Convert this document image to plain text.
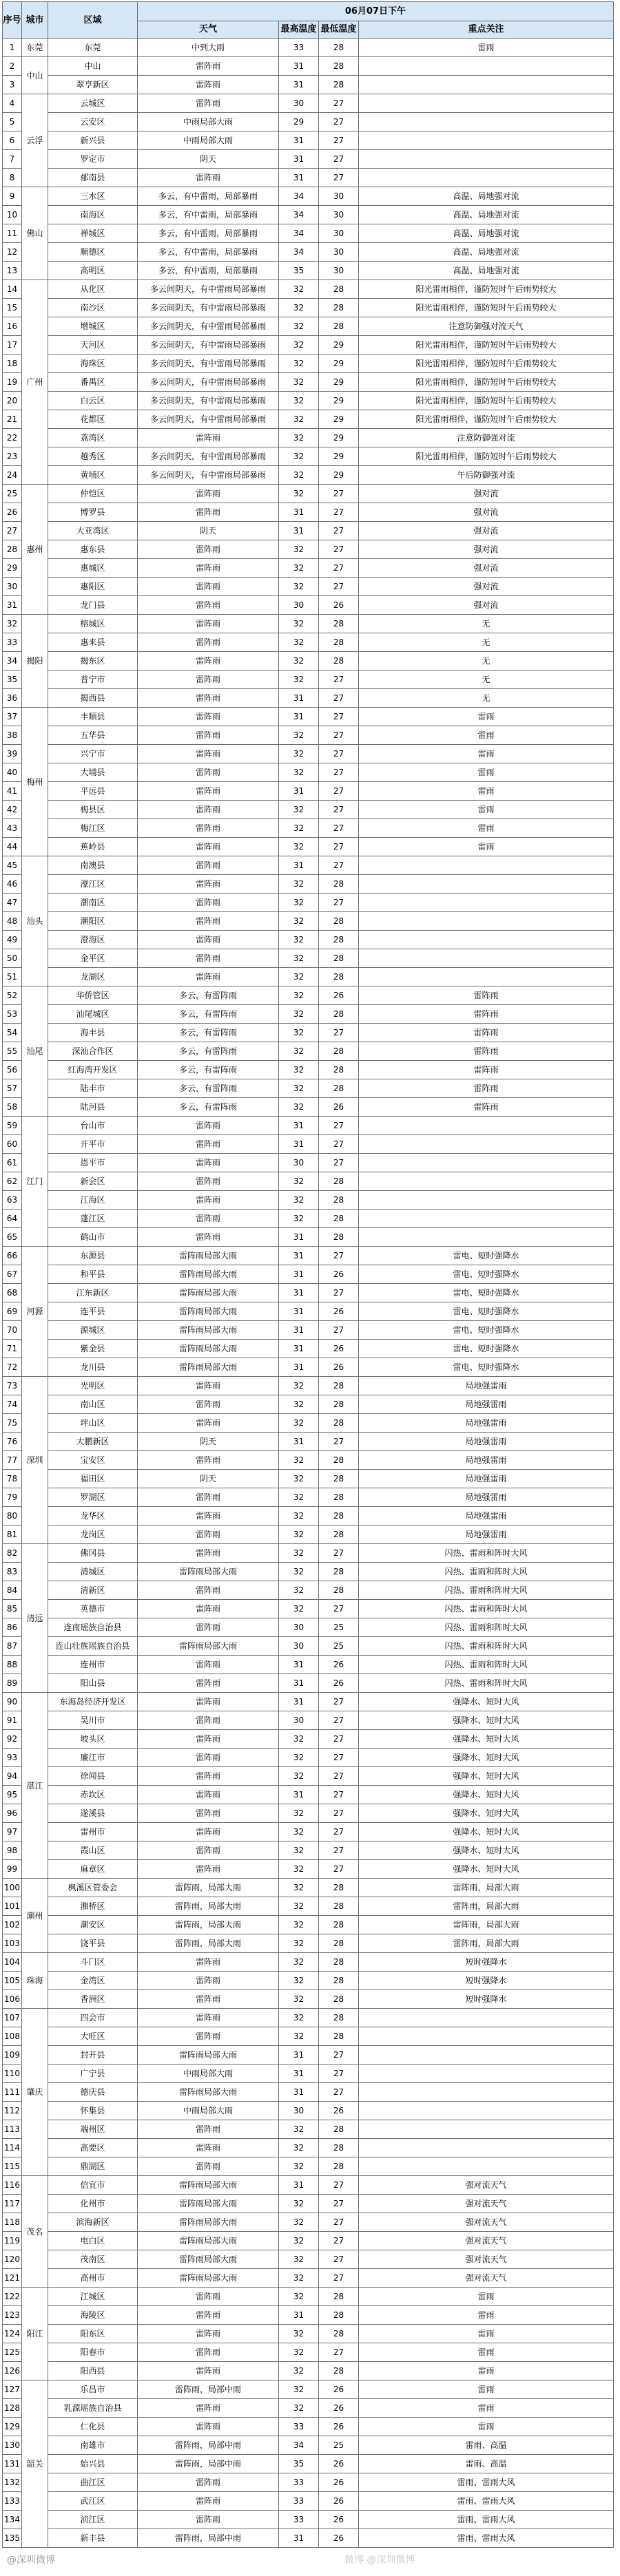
序号	城市	区域	06月07日下午			
			天气	最高温度	最低温度	重点关注
1	东莞	东莞	中到大雨	33	28	雷雨
2	中山	中山	雷阵雨	31	28	
3		翠亨新区	雷阵雨	31	28	
4	云浮	云城区	雷阵雨	30	27	
5		云安区	中雨局部大雨	29	27	
6		新兴县	中雨局部大雨	31	27	
7		罗定市	阴天	31	27	
8		郁南县	雷阵雨	31	27	
9	佛山	三水区	多云，有中雷雨，局部暴雨	34	30	高温、局地强对流
10		南海区	多云，有中雷雨，局部暴雨	34	30	高温、局地强对流
11		禅城区	多云，有中雷雨，局部暴雨	34	30	高温、局地强对流
12		顺德区	多云，有中雷雨，局部暴雨	34	30	高温、局地强对流
13		高明区	多云，有中雷雨，局部暴雨	35	30	高温、局地强对流
14	广州	从化区	多云间阴天，有中雷雨局部暴雨	32	28	阳光雷雨相伴，谨防短时午后雨势较大
15		南沙区	多云间阴天，有中雷雨局部暴雨	32	28	阳光雷雨相伴，谨防短时午后雨势较大
16		增城区	多云间阴天，有中雷雨局部暴雨	32	28	注意防御强对流天气
17		天河区	多云间阴天，有中雷雨局部暴雨	32	29	阳光雷雨相伴，谨防短时午后雨势较大
18		海珠区	多云间阴天，有中雷雨局部暴雨	32	29	阳光雷雨相伴，谨防短时午后雨势较大
19		番禺区	多云间阴天，有中雷雨局部暴雨	32	29	阳光雷雨相伴，谨防短时午后雨势较大
20		白云区	多云间阴天，有中雷雨局部暴雨	32	29	阳光雷雨相伴，谨防短时午后雨势较大
21		花都区	多云间阴天，有中雷雨局部暴雨	32	29	阳光雷雨相伴，谨防短时午后雨势较大
22		荔湾区	雷阵雨	32	29	注意防御强对流
23		越秀区	多云间阴天，有中雷雨局部暴雨	32	29	阳光雷雨相伴，谨防短时午后雨势较大
24		黄埔区	多云间阴天，有中雷雨局部暴雨	32	29	午后防御强对流
25	惠州	仲恺区	雷阵雨	32	27	强对流
26		博罗县	雷阵雨	31	27	强对流
27		大亚湾区	阴天	31	27	强对流
28		惠东县	雷阵雨	32	27	强对流
29		惠城区	雷阵雨	32	27	强对流
30		惠阳区	雷阵雨	32	27	强对流
31		龙门县	雷阵雨	30	26	强对流
32	揭阳	榕城区	雷阵雨	32	28	无
33		惠来县	雷阵雨	32	28	无
34		揭东区	雷阵雨	32	28	无
35		普宁市	雷阵雨	32	27	无
36		揭西县	雷阵雨	31	27	无
37	梅州	丰顺县	雷阵雨	31	27	雷雨
38		五华县	雷阵雨	32	27	雷雨
39		兴宁市	雷阵雨	32	27	雷雨
40		大埔县	雷阵雨	32	27	雷雨
41		平远县	雷阵雨	31	27	雷雨
42		梅县区	雷阵雨	32	27	雷雨
43		梅江区	雷阵雨	32	27	雷雨
44		蕉岭县	雷阵雨	32	27	雷雨
45	汕头	南澳县	雷阵雨	31	27	
46		濠江区	雷阵雨	32	28	
47		潮南区	雷阵雨	32	27	
48		潮阳区	雷阵雨	32	28	
49		澄海区	雷阵雨	32	28	
50		金平区	雷阵雨	32	28	
51		龙湖区	雷阵雨	32	28	
52	汕尾	华侨管区	多云，有雷阵雨	32	26	雷阵雨
53		汕尾城区	多云，有雷阵雨	32	28	雷阵雨
54		海丰县	多云，有雷阵雨	32	27	雷阵雨
55		深汕合作区	多云，有雷阵雨	32	28	雷阵雨
56		红海湾开发区	多云，有雷阵雨	32	28	雷阵雨
57		陆丰市	多云，有雷阵雨	32	28	雷阵雨
58		陆河县	多云，有雷阵雨	32	26	雷阵雨
59	江门	台山市	雷阵雨	31	27	
60		开平市	雷阵雨	31	27	
61		恩平市	雷阵雨	30	27	
62		新会区	雷阵雨	32	28	
63		江海区	雷阵雨	32	28	
64		蓬江区	雷阵雨	32	28	
65		鹤山市	雷阵雨	31	28	
66	河源	东源县	雷阵雨局部大雨	31	27	雷电、短时强降水
67		和平县	雷阵雨局部大雨	31	26	雷电、短时强降水
68		江东新区	雷阵雨局部大雨	31	27	雷电、短时强降水
69		连平县	雷阵雨局部大雨	31	26	雷电、短时强降水
70		源城区	雷阵雨局部大雨	31	27	雷电、短时强降水
71		紫金县	雷阵雨局部大雨	31	26	雷电、短时强降水
72		龙川县	雷阵雨局部大雨	31	26	雷电、短时强降水
73	深圳	光明区	雷阵雨	32	28	局地强雷雨
74		南山区	雷阵雨	32	28	局地强雷雨
75		坪山区	雷阵雨	32	28	局地强雷雨
76		大鹏新区	阴天	31	27	局地强雷雨
77		宝安区	雷阵雨	32	28	局地强雷雨
78		福田区	阴天	32	28	局地强雷雨
79		罗湖区	雷阵雨	32	28	局地强雷雨
80		龙华区	雷阵雨	32	28	局地强雷雨
81		龙岗区	雷阵雨	32	28	局地强雷雨
82	清远	佛冈县	雷阵雨	32	27	闪热、雷雨和阵时大风
83		清城区	雷阵雨局部大雨	32	28	闪热、雷雨和阵时大风
84		清新区	雷阵雨	32	28	闪热、雷雨和阵时大风
85		英德市	雷阵雨	32	27	闪热、雷雨和阵时大风
86		连南瑶族自治县	雷阵雨	30	25	闪热、雷雨和阵时大风
87		连山壮族瑶族自治县	雷阵雨局部大雨	30	25	闪热、雷雨和阵时大风
88		连州市	雷阵雨	31	26	闪热、雷雨和阵时大风
89		阳山县	雷阵雨	31	26	闪热、雷雨和阵时大风
90	湛江	东海岛经济开发区	雷阵雨	31	27	强降水、短时大风
91		吴川市	雷阵雨	30	27	强降水、短时大风
92		坡头区	雷阵雨	32	27	强降水、短时大风
93		廉江市	雷阵雨	32	27	强降水、短时大风
94		徐闻县	雷阵雨	32	27	强降水、短时大风
95		赤坎区	雷阵雨	31	27	强降水、短时大风
96		遂溪县	雷阵雨	32	27	强降水、短时大风
97		雷州市	雷阵雨	32	27	强降水、短时大风
98		霞山区	雷阵雨	32	27	强降水、短时大风
99		麻章区	雷阵雨	32	27	强降水、短时大风
100	潮州	枫溪区管委会	雷阵雨，局部大雨	32	28	雷阵雨，局部大雨
101		湘桥区	雷阵雨，局部大雨	32	28	雷阵雨，局部大雨
102		潮安区	雷阵雨，局部大雨	32	28	雷阵雨，局部大雨
103		饶平县	雷阵雨，局部大雨	32	28	雷阵雨，局部大雨
104	珠海	斗门区	雷阵雨	32	28	短时强降水
105		金湾区	雷阵雨	32	28	短时强降水
106		香洲区	雷阵雨	32	28	短时强降水
107	肇庆	四会市	雷阵雨	32	28	
108		大旺区	雷阵雨	32	28	
109		封开县	雷阵雨局部大雨	31	27	
110		广宁县	中雨局部大雨	31	27	
111		德庆县	雷阵雨局部大雨	31	27	
112		怀集县	中雨局部大雨	30	26	
113		端州区	雷阵雨	32	28	
114		高要区	雷阵雨	32	28	
115		鼎湖区	雷阵雨	32	28	
116	茂名	信宜市	雷阵雨局部大雨	31	27	强对流天气
117		化州市	雷阵雨局部大雨	32	27	强对流天气
118		滨海新区	雷阵雨局部大雨	32	27	强对流天气
119		电白区	雷阵雨局部大雨	32	27	强对流天气
120		茂南区	雷阵雨局部大雨	32	27	强对流天气
121		高州市	雷阵雨局部大雨	32	27	强对流天气
122	阳江	江城区	雷阵雨	32	28	雷雨
123		海陵区	雷阵雨	31	28	雷雨
124		阳东区	雷阵雨	32	28	雷雨
125		阳春市	雷阵雨	32	27	雷雨
126		阳西县	雷阵雨	32	28	雷雨
127	韶关	乐昌市	雷阵雨，局部中雨	32	26	雷雨
128		乳源瑶族自治县	雷阵雨	32	26	雷雨
129		仁化县	雷阵雨	33	26	雷雨
130		南雄市	雷阵雨，局部中雨	34	25	雷雨、高温
131		始兴县	雷阵雨，局部中雨	35	26	雷雨、高温
132		曲江区	雷阵雨	33	26	雷雨、雷雨大风
133		武江区	雷阵雨	33	26	雷雨、雷雨大风
134		浈江区	雷阵雨	33	26	雷雨、雷雨大风
135		新丰县	雷阵雨，局部中雨	31	26	雷雨、雷雨大风
@深圳微博	微博 @深圳微博
